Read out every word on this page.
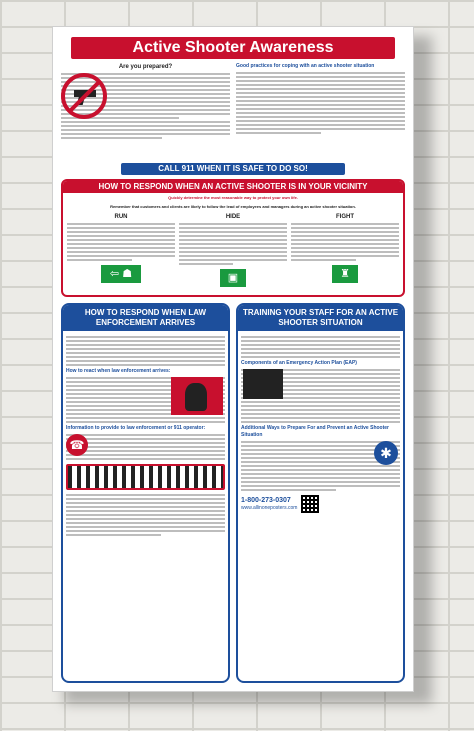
Active Shooter Awareness
Are you prepared?	Good practices for coping with an active shooter situation
CALL 911 WHEN IT IS SAFE TO DO SO!
HOW TO RESPOND WHEN AN ACTIVE SHOOTER IS IN YOUR VICINITY
Quickly determine the most reasonable way to protect your own life.
Remember that customers and clients are likely to follow the lead of employees and managers during an active shooter situation.
RUN
⇦ ☗
HIDE
▣
FIGHT
♜
HOW TO RESPOND WHEN LAW ENFORCEMENT ARRIVES
How to react when law enforcement arrives:
Information to provide to law enforcement or 911 operator:
☎
TRAINING YOUR STAFF FOR AN ACTIVE SHOOTER SITUATION
Components of an Emergency Action Plan (EAP)
Additional Ways to Prepare For and Prevent an Active Shooter Situation
✱
1-800-273-0307
www.allinoneposters.com
